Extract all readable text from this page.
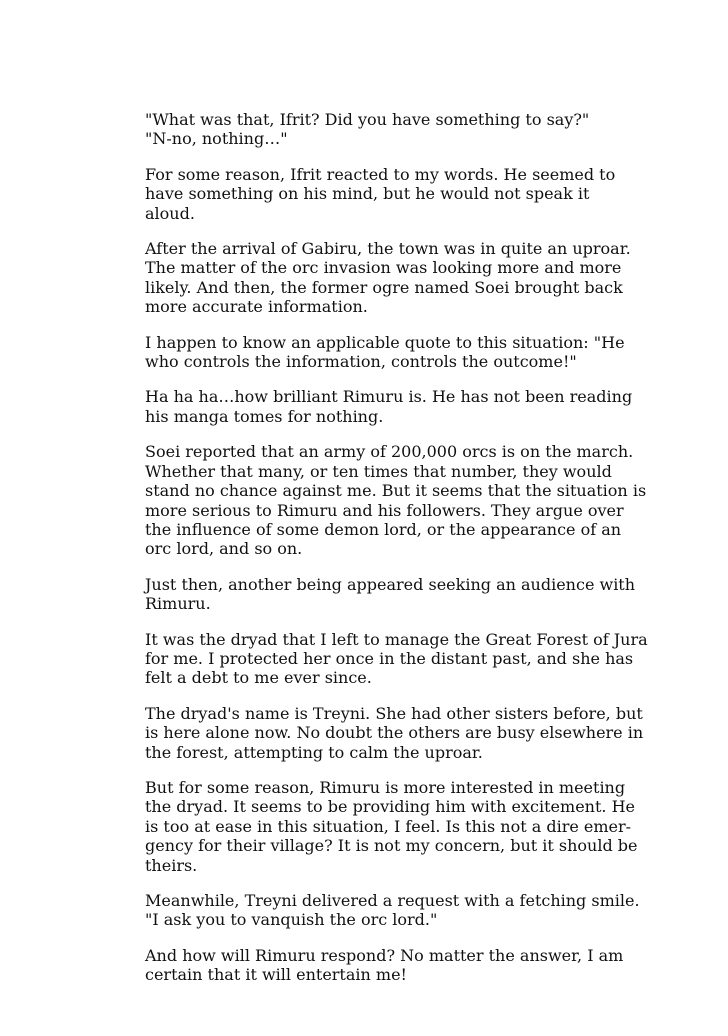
"What was that, Ifrit? Did you have something to say?"
"N-no, nothing…"

For some reason, Ifrit reacted to my words. He seemed to
have something on his mind, but he would not speak it
aloud.

After the arrival of Gabiru, the town was in quite an uproar.
The matter of the orc invasion was looking more and more
likely. And then, the former ogre named Soei brought back
more accurate information.

I happen to know an applicable quote to this situation: "He
who controls the information, controls the outcome!"

Ha ha ha…how brilliant Rimuru is. He has not been reading
his manga tomes for nothing.

Soei reported that an army of 200,000 orcs is on the march.
Whether that many, or ten times that number, they would
stand no chance against me. But it seems that the situation is
more serious to Rimuru and his followers. They argue over
the influence of some demon lord, or the appearance of an
orc lord, and so on.

Just then, another being appeared seeking an audience with
Rimuru.

It was the dryad that I left to manage the Great Forest of Jura
for me. I protected her once in the distant past, and she has
felt a debt to me ever since.

The dryad's name is Treyni. She had other sisters before, but
is here alone now. No doubt the others are busy elsewhere in
the forest, attempting to calm the uproar.

But for some reason, Rimuru is more interested in meeting
the dryad. It seems to be providing him with excitement. He
is too at ease in this situation, I feel. Is this not a dire emer-
gency for their village? It is not my concern, but it should be
theirs.

Meanwhile, Treyni delivered a request with a fetching smile.
"I ask you to vanquish the orc lord."

And how will Rimuru respond? No matter the answer, I am
certain that it will entertain me!
